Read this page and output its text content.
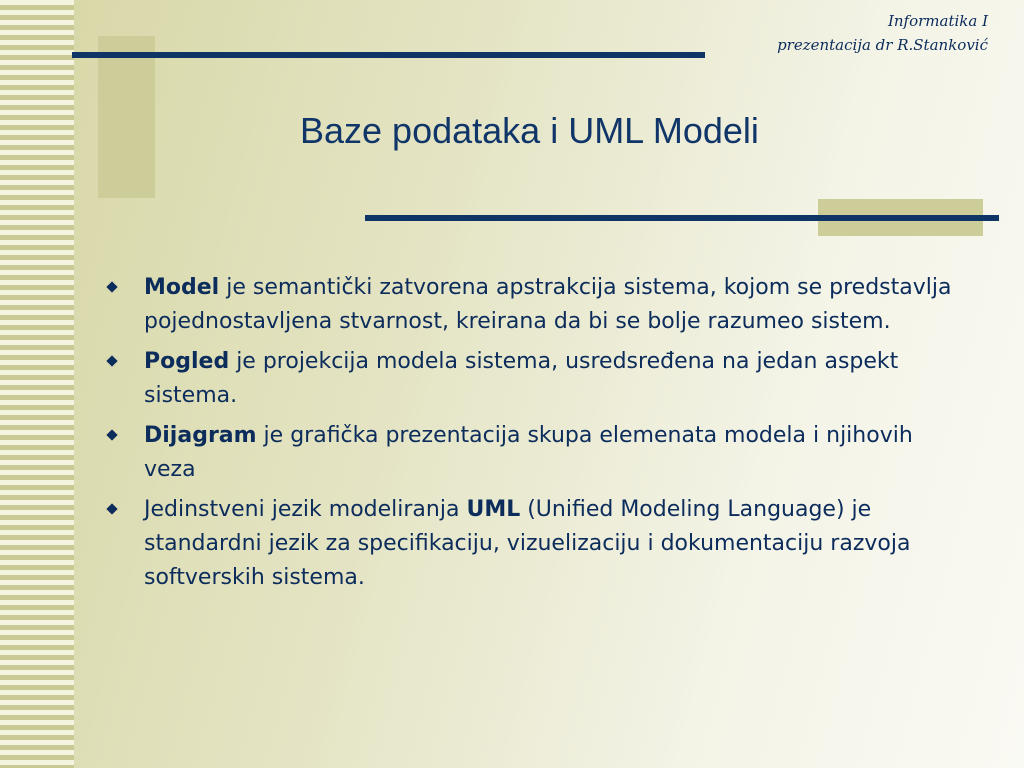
Informatika I
prezentacija dr R.Stanković
Baze podataka i UML Modeli
Model je semantički zatvorena apstrakcija sistema, kojom se predstavlja pojednostavljena stvarnost, kreirana da bi se bolje razumeo sistem.
Pogled je projekcija modela sistema, usredsređena na jedan aspekt sistema.
Dijagram je grafička prezentacija skupa elemenata modela i njihovih veza
Jedinstveni jezik modeliranja UML (Unified Modeling Language) je standardni jezik za specifikaciju, vizuelizaciju i dokumentaciju razvoja softverskih sistema.
